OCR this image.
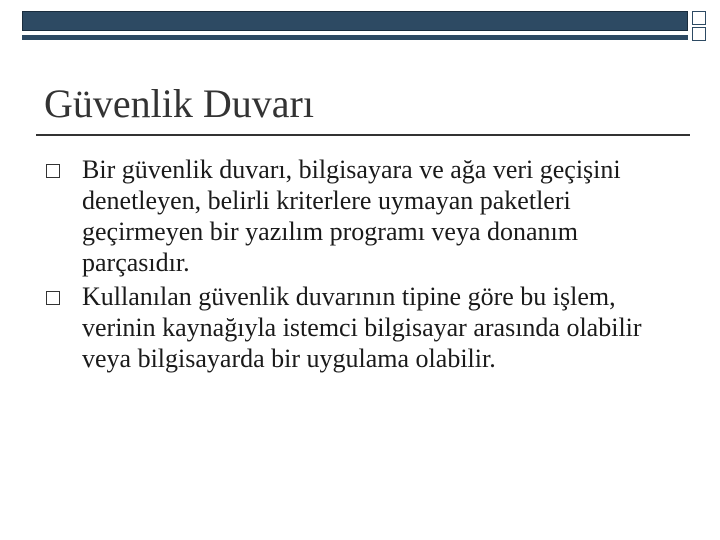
Güvenlik Duvarı
Bir güvenlik duvarı, bilgisayara ve ağa veri geçişini denetleyen, belirli kriterlere uymayan paketleri geçirmeyen bir yazılım programı veya donanım parçasıdır.
Kullanılan güvenlik duvarının tipine göre bu işlem, verinin kaynağıyla istemci bilgisayar arasında olabilir veya bilgisayarda bir uygulama olabilir.
